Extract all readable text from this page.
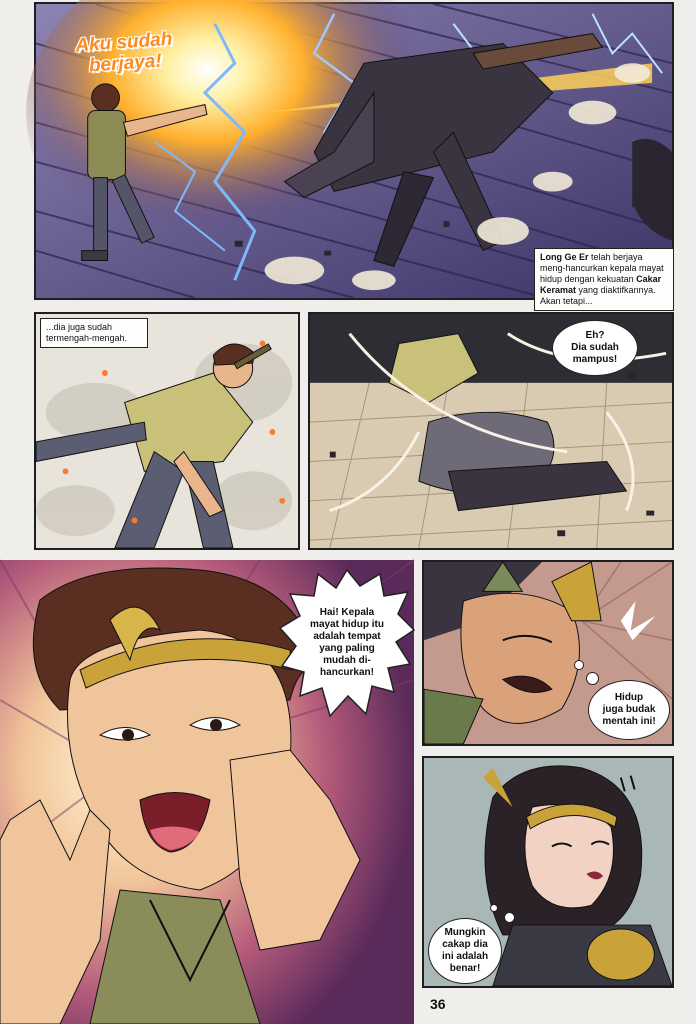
Aku sudah
berjaya!
Long Ge Er telah berjaya meng-hancurkan kepala mayat hidup dengan kekuatan Cakar Keramat yang diaktifkannya. Akan tetapi...
...dia juga sudah termengah-mengah.	Eh?
Dia sudah
mampus!
Hai! Kepala
mayat hidup itu
adalah tempat
yang paling
mudah di-
hancurkan!
Hidup
juga budak
mentah ini!
Mungkin
cakap dia
ini adalah
benar!
36
